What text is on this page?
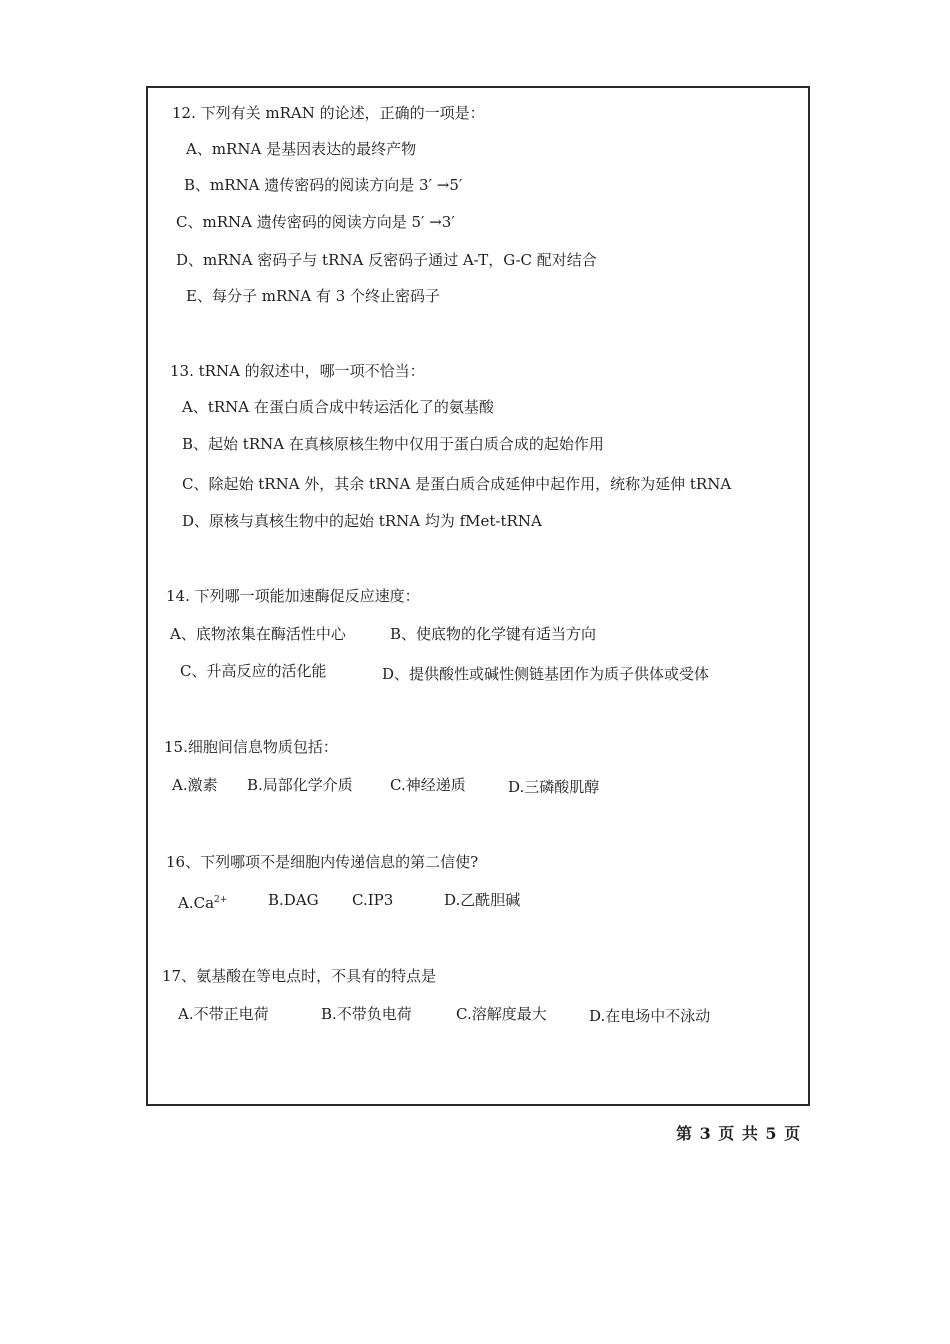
12. 下列有关 mRAN 的论述，正确的一项是：
A、mRNA 是基因表达的最终产物
B、mRNA 遗传密码的阅读方向是 3′ →5′
C、mRNA 遗传密码的阅读方向是 5′ →3′
D、mRNA 密码子与 tRNA 反密码子通过 A-T，G-C 配对结合
E、每分子 mRNA 有 3 个终止密码子
13. tRNA 的叙述中，哪一项不恰当：
A、tRNA 在蛋白质合成中转运活化了的氨基酸
B、起始 tRNA 在真核原核生物中仅用于蛋白质合成的起始作用
C、除起始 tRNA 外，其余 tRNA 是蛋白质合成延伸中起作用，统称为延伸 tRNA
D、原核与真核生物中的起始 tRNA 均为 fMet-tRNA
14. 下列哪一项能加速酶促反应速度：
A、底物浓集在酶活性中心	B、使底物的化学键有适当方向
C、升高反应的活化能	D、提供酸性或碱性侧链基团作为质子供体或受体
15.细胞间信息物质包括：
A.激素 B.局部化学介质 C.神经递质	D.三磷酸肌醇
16、下列哪项不是细胞内传递信息的第二信使?
$A.Ca^{2+}$	B.DAG C.IP3	D.乙酰胆碱
17、氨基酸在等电点时，不具有的特点是
A.不带正电荷	B.不带负电荷	C.溶解度最大	D.在电场中不泳动
第 3 页 共 5 页
